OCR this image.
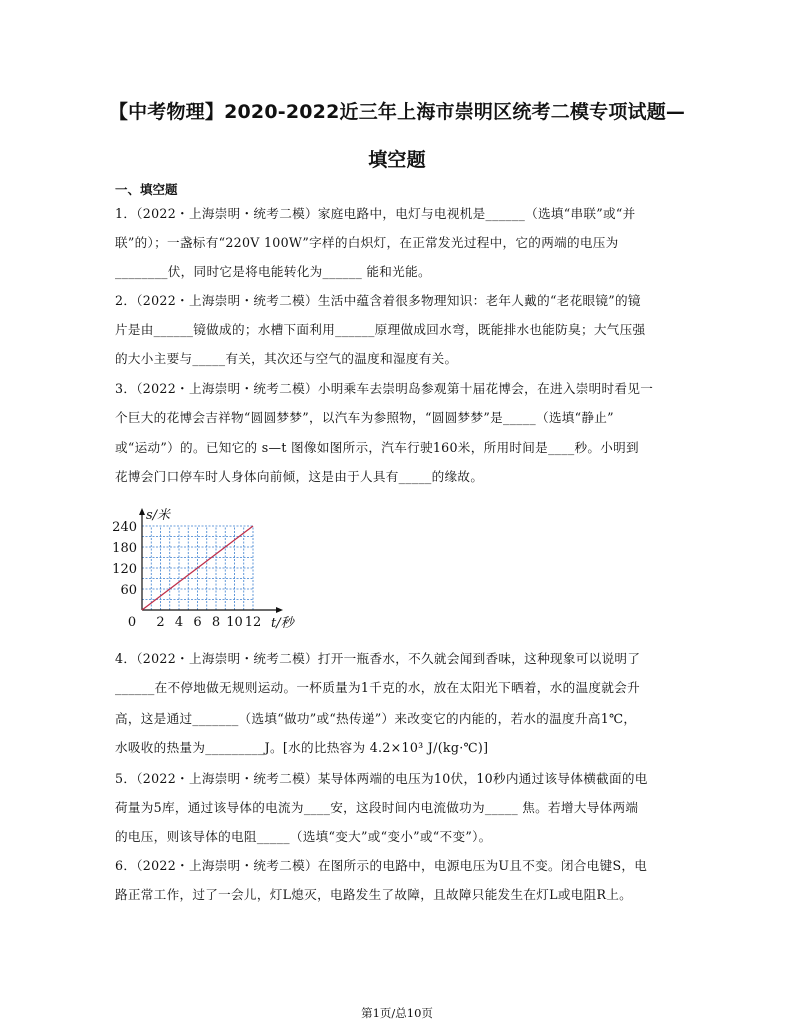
【中考物理】2020-2022近三年上海市崇明区统考二模专项试题—
填空题
一、填空题
1．（2022・上海崇明・统考二模）家庭电路中，电灯与电视机是______（选填“串联”或“并
联”的）；一盏标有“220V 100W”字样的白炽灯，在正常发光过程中，它的两端的电压为
________伏，同时它是将电能转化为______ 能和光能。
2．（2022・上海崇明・统考二模）生活中蕴含着很多物理知识：老年人戴的“老花眼镜”的镜
片是由______镜做成的；水槽下面利用______原理做成回水弯，既能排水也能防臭；大气压强
的大小主要与_____有关，其次还与空气的温度和湿度有关。
3．（2022・上海崇明・统考二模）小明乘车去崇明岛参观第十届花博会，在进入崇明时看见一
个巨大的花博会吉祥物“圆圆梦梦”，以汽车为参照物，“圆圆梦梦”是_____（选填“静止”
或“运动”）的。已知它的 s—t 图像如图所示，汽车行驶160米，所用时间是____秒。小明到
花博会门口停车时人身体向前倾，这是由于人具有_____的缘故。
4．（2022・上海崇明・统考二模）打开一瓶香水，不久就会闻到香味，这种现象可以说明了
______在不停地做无规则运动。一杯质量为1千克的水，放在太阳光下晒着，水的温度就会升
高，这是通过_______（选填“做功”或“热传递”）来改变它的内能的，若水的温度升高1℃，
水吸收的热量为_________J。[水的比热容为 4.2×10³ J/(kg·℃)]
5．（2022・上海崇明・统考二模）某导体两端的电压为10伏，10秒内通过该导体横截面的电
荷量为5库，通过该导体的电流为____安，这段时间内电流做功为_____ 焦。若增大导体两端
的电压，则该导体的电阻_____（选填“变大”或“变小”或“不变”）。
6．（2022・上海崇明・统考二模）在图所示的电路中，电源电压为U且不变。闭合电键S，电
路正常工作，过了一会儿，灯L熄灭，电路发生了故障，且故障只能发生在灯L或电阻R上。
2 4 6 8 10 12
60
120
180
240
0
s/米
t/秒
第1页/总10页
